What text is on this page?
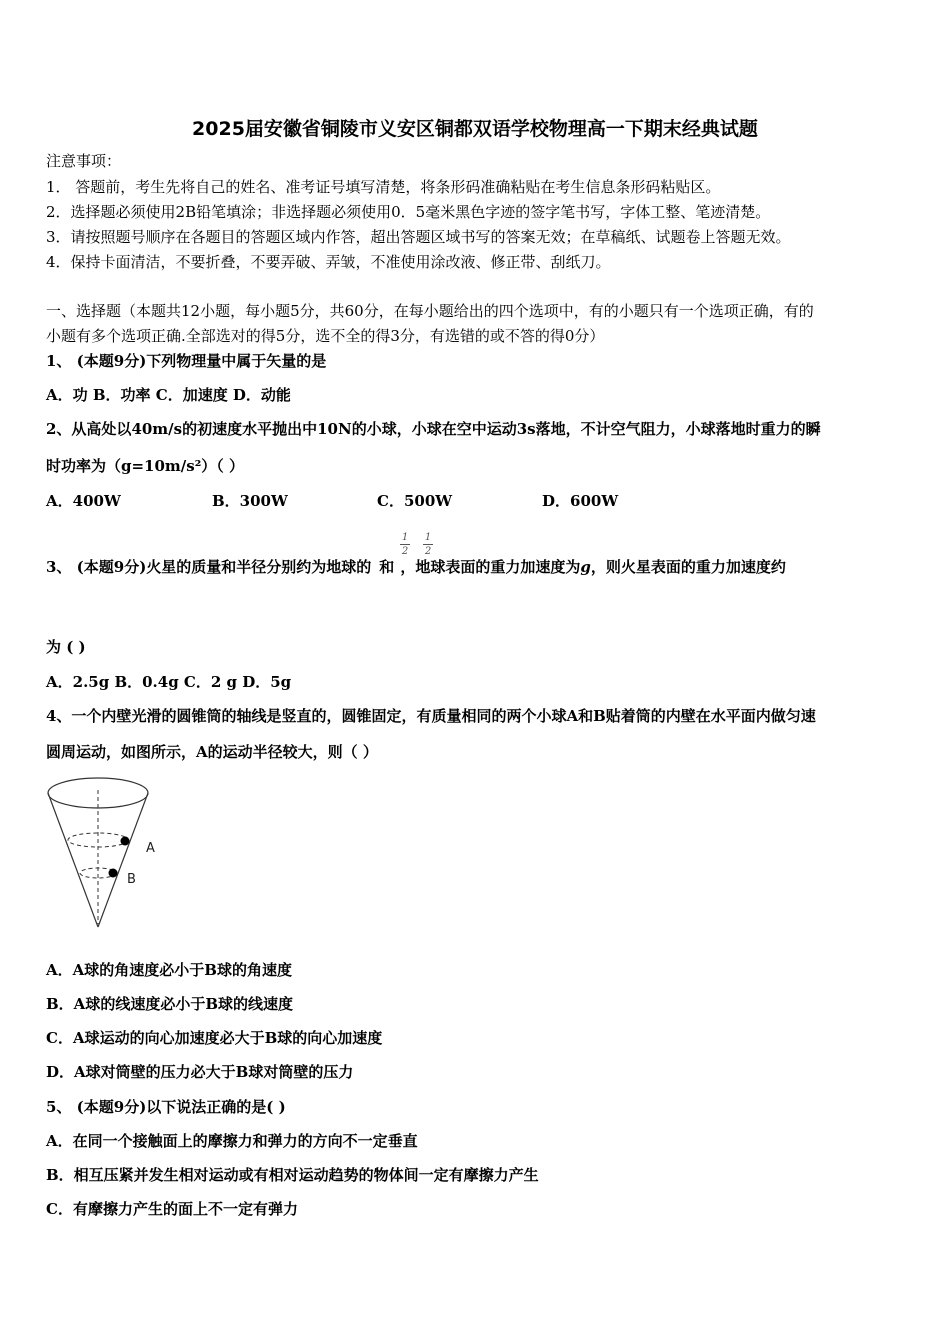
2025届安徽省铜陵市义安区铜都双语学校物理高一下期末经典试题
注意事项：
1． 答题前，考生先将自己的姓名、准考证号填写清楚，将条形码准确粘贴在考生信息条形码粘贴区。
2．选择题必须使用2B铅笔填涂；非选择题必须使用0．5毫米黑色字迹的签字笔书写，字体工整、笔迹清楚。
3．请按照题号顺序在各题目的答题区域内作答，超出答题区域书写的答案无效；在草稿纸、试题卷上答题无效。
4．保持卡面清洁，不要折叠，不要弄破、弄皱，不准使用涂改液、修正带、刮纸刀。
一、选择题（本题共12小题，每小题5分，共60分，在每小题给出的四个选项中，有的小题只有一个选项正确，有的
小题有多个选项正确.全部选对的得5分，选不全的得3分，有选错的或不答的得0分）
1、 (本题9分)下列物理量中属于矢量的是
A．功 B．功率 C．加速度 D．动能
2、从高处以40m/s的初速度水平抛出中10N的小球，小球在空中运动3s落地，不计空气阻力，小球落地时重力的瞬
时功率为（g=10m/s²）（ ）
A．400W	B．300W	C．500W	D．600W
3、 (本题9分)火星的质量和半径分别约为地球的 和 ，地球表面的重力加速度为g，则火星表面的重力加速度约
1
2
1
2
为 ( )
A．2.5g B．0.4g C．2 g D．5g
4、一个内壁光滑的圆锥筒的轴线是竖直的，圆锥固定，有质量相同的两个小球A和B贴着筒的内壁在水平面内做匀速
圆周运动，如图所示，A的运动半径较大，则（ ）
A
B
A．A球的角速度必小于B球的角速度
B．A球的线速度必小于B球的线速度
C．A球运动的向心加速度必大于B球的向心加速度
D．A球对筒壁的压力必大于B球对筒壁的压力
5、 (本题9分)以下说法正确的是( )
A．在同一个接触面上的摩擦力和弹力的方向不一定垂直
B．相互压紧并发生相对运动或有相对运动趋势的物体间一定有摩擦力产生
C．有摩擦力产生的面上不一定有弹力
